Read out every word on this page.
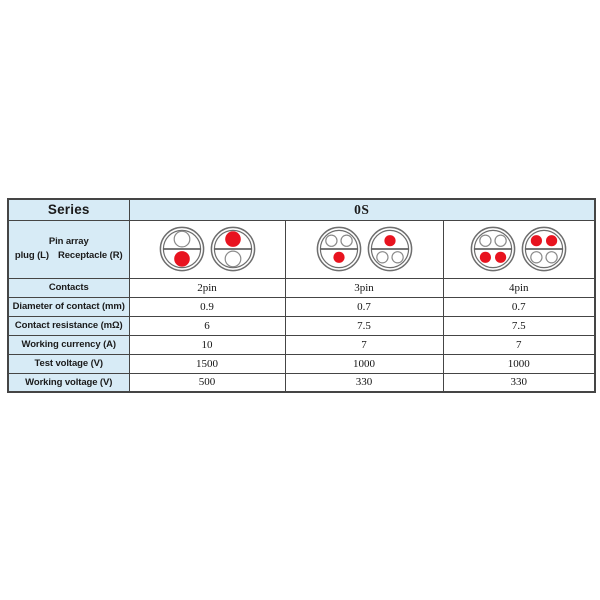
Series	0S		

Pin array
plug (L) Receptacle (R)

Contacts	2pin	3pin	4pin
Diameter of contact (mm)	0.9	0.7	0.7
Contact resistance (mΩ)	6	7.5	7.5
Working currency (A)	10	7	7
Test voltage (V)	1500	1000	1000
Working voltage (V)	500	330	330
